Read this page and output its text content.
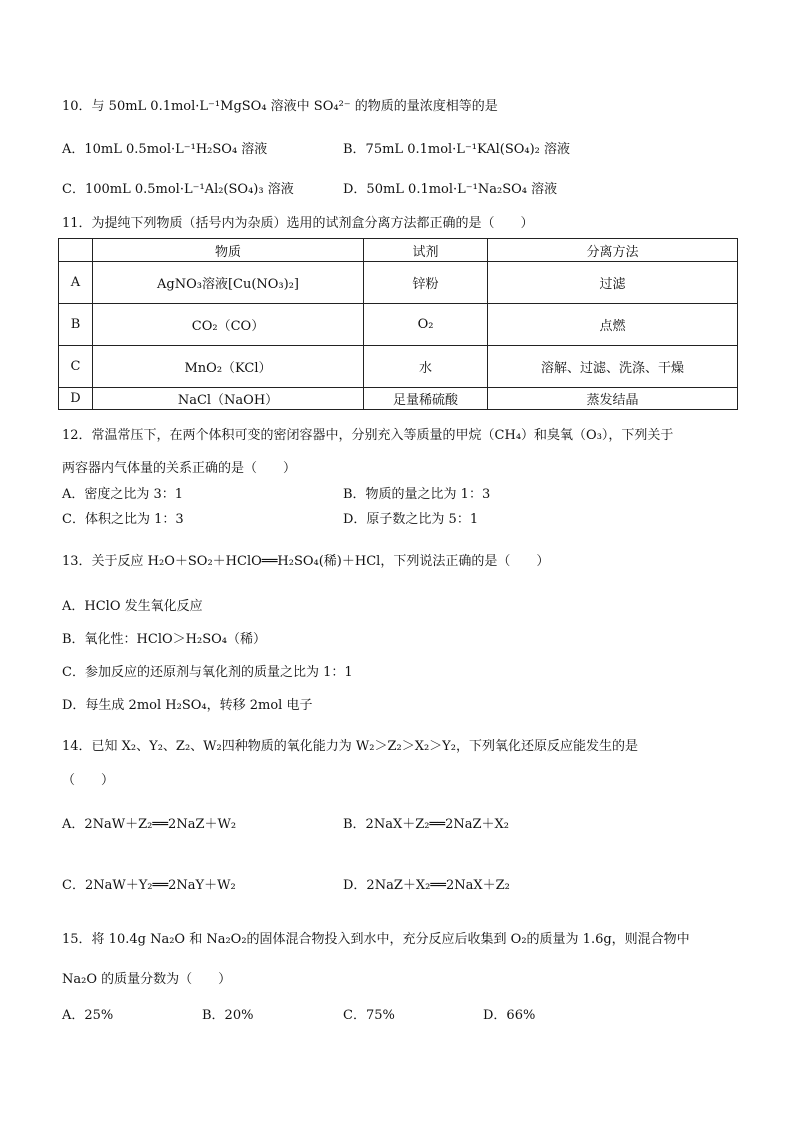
10．与 50mL 0.1mol·L⁻¹MgSO₄ 溶液中 SO₄²⁻ 的物质的量浓度相等的是
A．10mL 0.5mol·L⁻¹H₂SO₄ 溶液	B．75mL 0.1mol·L⁻¹KAl(SO₄)₂ 溶液
C．100mL 0.5mol·L⁻¹Al₂(SO₄)₃ 溶液	D．50mL 0.1mol·L⁻¹Na₂SO₄ 溶液
11．为提纯下列物质（括号内为杂质）选用的试剂盒分离方法都正确的是（　　）
	物质	试剂	分离方法
A	AgNO₃溶液[Cu(NO₃)₂]	锌粉	过滤
B	CO₂（CO）	O₂	点燃
C	MnO₂（KCl）	水	溶解、过滤、洗涤、干燥
D	NaCl（NaOH）	足量稀硫酸	蒸发结晶
12．常温常压下，在两个体积可变的密闭容器中，分别充入等质量的甲烷（CH₄）和臭氧（O₃），下列关于
两容器内气体量的关系正确的是（　　）
A．密度之比为 3：1	B．物质的量之比为 1：3
C．体积之比为 1：3	D．原子数之比为 5：1
13．关于反应 H₂O＋SO₂＋HClO══H₂SO₄(稀)＋HCl，下列说法正确的是（　　）
A．HClO 发生氧化反应
B．氧化性：HClO＞H₂SO₄（稀）
C．参加反应的还原剂与氧化剂的质量之比为 1：1
D．每生成 2mol H₂SO₄，转移 2mol 电子
14．已知 X₂、Y₂、Z₂、W₂四种物质的氧化能力为 W₂＞Z₂＞X₂＞Y₂，下列氧化还原反应能发生的是
（　　）
A．2NaW＋Z₂══2NaZ＋W₂	B．2NaX＋Z₂══2NaZ＋X₂
C．2NaW＋Y₂══2NaY＋W₂	D．2NaZ＋X₂══2NaX＋Z₂
15．将 10.4g Na₂O 和 Na₂O₂的固体混合物投入到水中，充分反应后收集到 O₂的质量为 1.6g，则混合物中
Na₂O 的质量分数为（　　）
A．25%	B．20%	C．75%	D．66%
